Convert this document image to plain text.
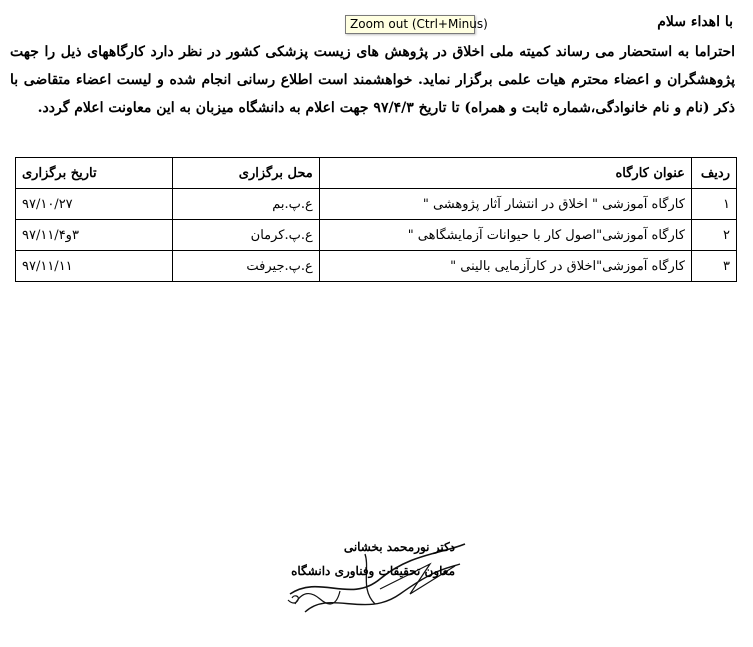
Zoom out (Ctrl+Minus)	با اهداء سلام
احتراما به استحضار می رساند کمیته ملی اخلاق در پژوهش های زیست پزشکی کشور در نظر دارد کارگاههای ذیل را جهت پژوهشگران و اعضاء محترم هیات علمی برگزار نماید. خواهشمند است اطلاع رسانی انجام شده و لیست اعضاء متقاضی با ذکر (نام و نام خانوادگی،شماره ثابت و همراه) تا تاریخ ۹۷/۴/۳ جهت اعلام به دانشگاه میزبان به این معاونت اعلام گردد.
ردیف	عنوان کارگاه	محل برگزاری	تاریخ برگزاری
۱	کارگاه آموزشی " اخلاق در انتشار آثار پژوهشی "	ع.پ.بم	۹۷/۱۰/۲۷
۲	کارگاه آموزشی"اصول کار با حیوانات آزمایشگاهی "	ع.پ.کرمان	۳و۹۷/۱۱/۴
۳	کارگاه آموزشی"اخلاق در کارآزمایی بالینی "	ع.پ.جیرفت	۹۷/۱۱/۱۱
دکتر نورمحمد بخشانی
معاون تحقیقات وفناوری دانشگاه
